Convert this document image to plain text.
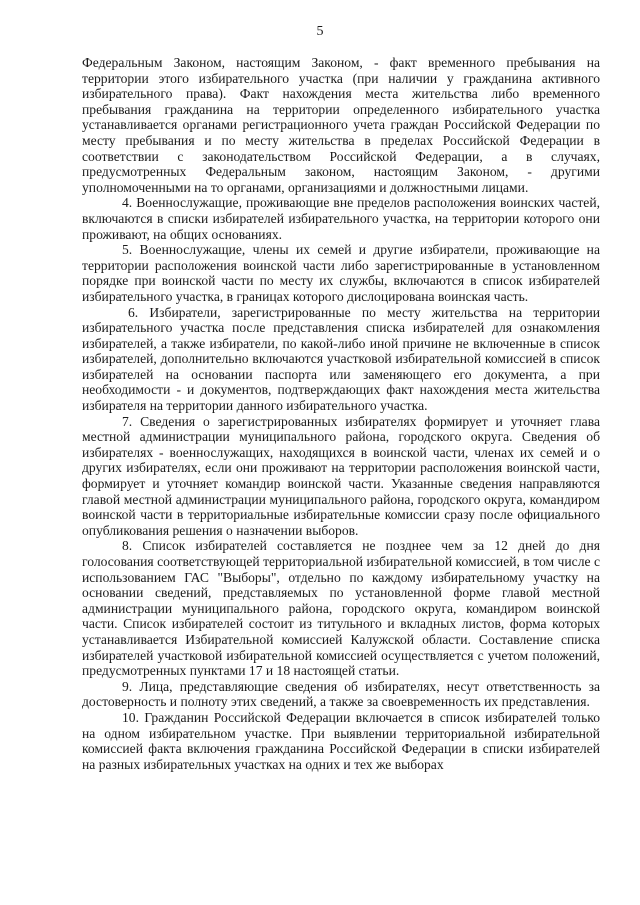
5

Федеральным Законом, настоящим Законом, - факт временного пребывания на территории этого избирательного участка (при наличии у гражданина активного избирательного права). Факт нахождения места жительства либо временного пребывания гражданина на территории определенного избирательного участка устанавливается органами регистрационного учета граждан Российской Федерации по месту пребывания и по месту жительства в пределах Российской Федерации в соответствии с законодательством Российской Федерации, а в случаях, предусмотренных Федеральным законом, настоящим Законом, - другими уполномоченными на то органами, организациями и должностными лицами.

4. Военнослужащие, проживающие вне пределов расположения воинских частей, включаются в списки избирателей избирательного участка, на территории которого они проживают, на общих основаниях.

5. Военнослужащие, члены их семей и другие избиратели, проживающие на территории расположения воинской части либо зарегистрированные в установленном порядке при воинской части по месту их службы, включаются в список избирателей избирательного участка, в границах которого дислоцирована воинская часть.

6. Избиратели, зарегистрированные по месту жительства на территории избирательного участка после представления списка избирателей для ознакомления избирателей, а также избиратели, по какой-либо иной причине не включенные в список избирателей, дополнительно включаются участковой избирательной комиссией в список избирателей на основании паспорта или заменяющего его документа, а при необходимости - и документов, подтверждающих факт нахождения места жительства избирателя на территории данного избирательного участка.

7. Сведения о зарегистрированных избирателях формирует и уточняет глава местной администрации муниципального района, городского округа. Сведения об избирателях - военнослужащих, находящихся в воинской части, членах их семей и о других избирателях, если они проживают на территории расположения воинской части, формирует и уточняет командир воинской части. Указанные сведения направляются главой местной администрации муниципального района, городского округа, командиром воинской части в территориальные избирательные комиссии сразу после официального опубликования решения о назначении выборов.

8. Список избирателей составляется не позднее чем за 12 дней до дня голосования соответствующей территориальной избирательной комиссией, в том числе с использованием ГАС "Выборы", отдельно по каждому избирательному участку на основании сведений, представляемых по установленной форме главой местной администрации муниципального района, городского округа, командиром воинской части. Список избирателей состоит из титульного и вкладных листов, форма которых устанавливается Избирательной комиссией Калужской области. Составление списка избирателей участковой избирательной комиссией осуществляется с учетом положений, предусмотренных пунктами 17 и 18 настоящей статьи.

9. Лица, представляющие сведения об избирателях, несут ответственность за достоверность и полноту этих сведений, а также за своевременность их представления.

10. Гражданин Российской Федерации включается в список избирателей только на одном избирательном участке. При выявлении территориальной избирательной комиссией факта включения гражданина Российской Федерации в списки избирателей на разных избирательных участках на одних и тех же выборах
